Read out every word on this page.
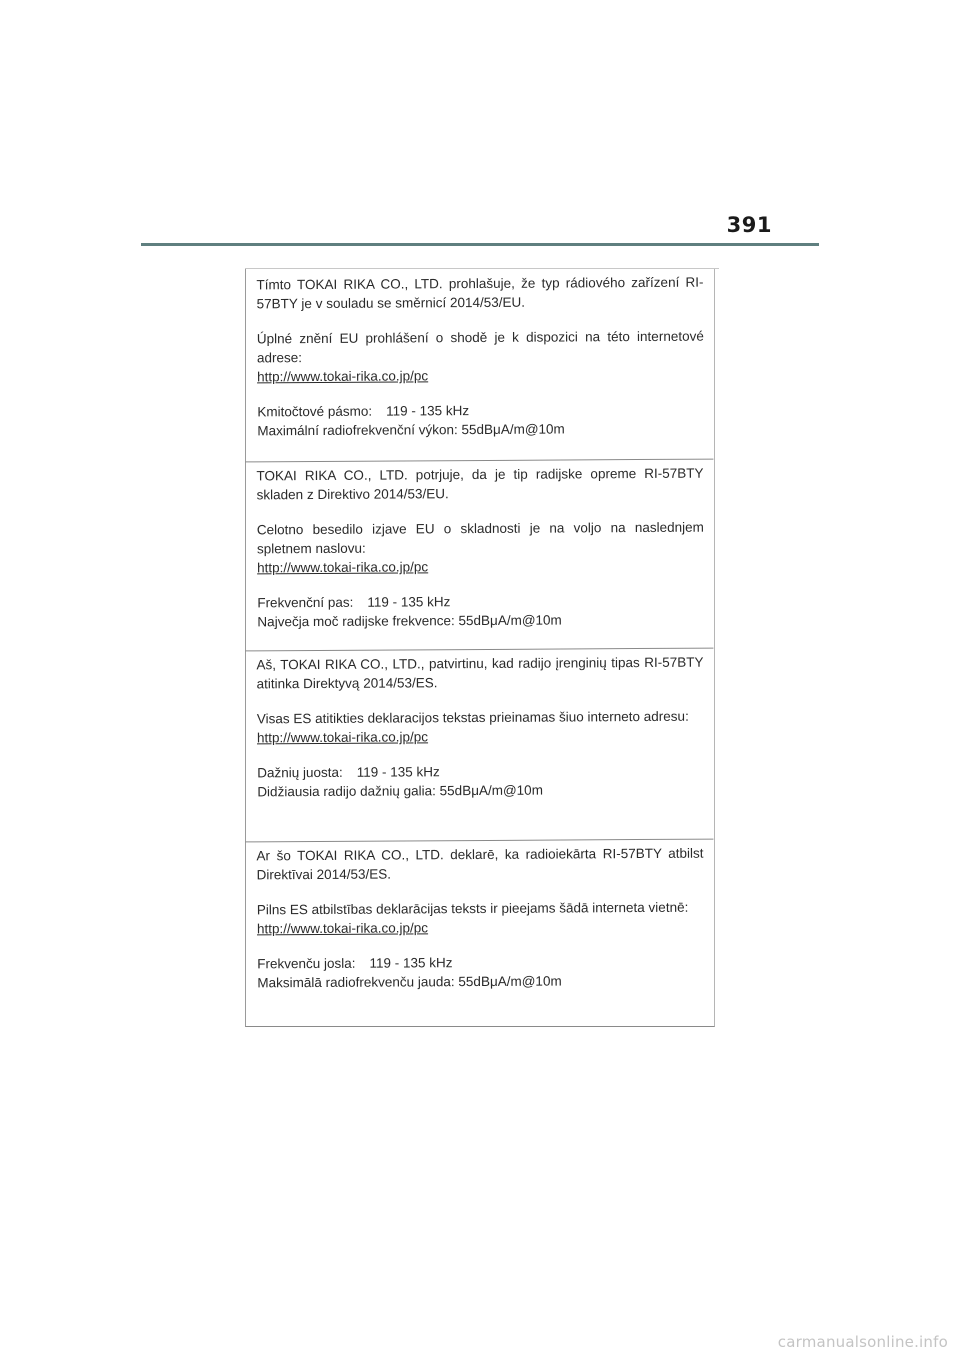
391

Tímto TOKAI RIKA CO., LTD. prohlašuje, že typ rádiového zařízení RI-57BTY je v souladu se směrnicí 2014/53/EU.

Úplné znění EU prohlášení o shodě je k dispozici na této internetové adrese:

http://www.tokai-rika.co.jp/pc
Kmitočtové pásmo: 119 - 135 kHz
Maximální radiofrekvenční výkon: 55dBμA/m@10m

TOKAI RIKA CO., LTD. potrjuje, da je tip radijske opreme RI-57BTY skladen z Direktivo 2014/53/EU.

Celotno besedilo izjave EU o skladnosti je na voljo na naslednjem spletnem naslovu:

http://www.tokai-rika.co.jp/pc
Frekvenční pas: 119 - 135 kHz
Največja moč radijske frekvence: 55dBμA/m@10m

Aš, TOKAI RIKA CO., LTD., patvirtinu, kad radijo įrenginių tipas RI-57BTY atitinka Direktyvą 2014/53/ES.

Visas ES atitikties deklaracijos tekstas prieinamas šiuo interneto adresu:

http://www.tokai-rika.co.jp/pc
Dažnių juosta: 119 - 135 kHz
Didžiausia radijo dažnių galia: 55dBμA/m@10m

Ar šo TOKAI RIKA CO., LTD. deklarē, ka radioiekārta RI-57BTY atbilst Direktīvai 2014/53/ES.

Pilns ES atbilstības deklarācijas teksts ir pieejams šādā interneta vietnē:

http://www.tokai-rika.co.jp/pc
Frekvenču josla: 119 - 135 kHz
Maksimālā radiofrekvenču jauda: 55dBμA/m@10m
carmanualsonline.info
